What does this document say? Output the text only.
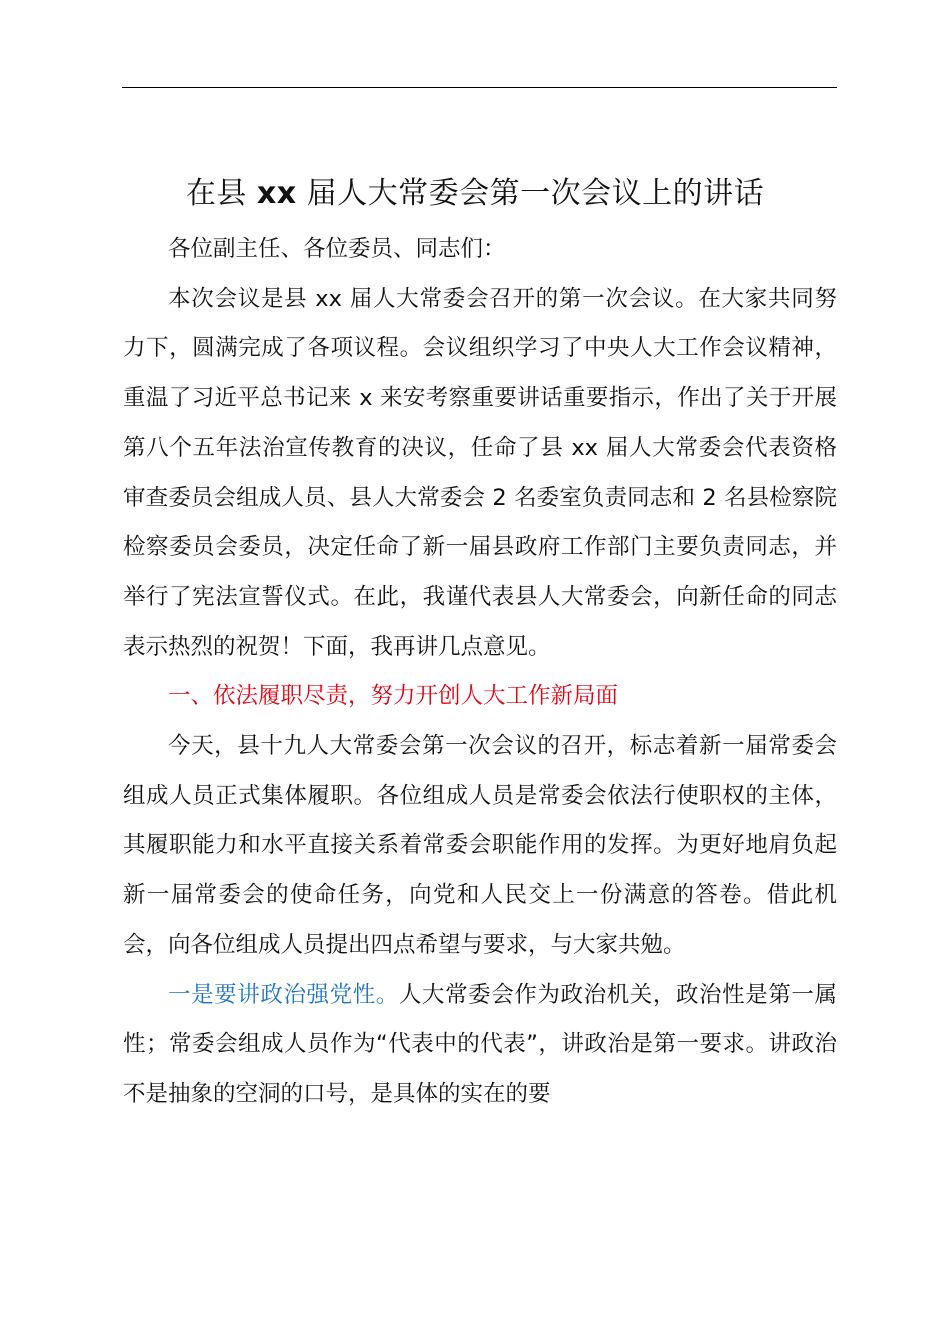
在县 xx 届人大常委会第一次会议上的讲话

各位副主任、各位委员、同志们：

本次会议是县 xx 届人大常委会召开的第一次会议。在大家共同努力下，圆满完成了各项议程。会议组织学习了中央人大工作会议精神，重温了习近平总书记来 x 来安考察重要讲话重要指示，作出了关于开展第八个五年法治宣传教育的决议，任命了县 xx 届人大常委会代表资格审查委员会组成人员、县人大常委会 2 名委室负责同志和 2 名县检察院检察委员会委员，决定任命了新一届县政府工作部门主要负责同志，并举行了宪法宣誓仪式。在此，我谨代表县人大常委会，向新任命的同志表示热烈的祝贺！下面，我再讲几点意见。

一、依法履职尽责，努力开创人大工作新局面

今天，县十九人大常委会第一次会议的召开，标志着新一届常委会组成人员正式集体履职。各位组成人员是常委会依法行使职权的主体，其履职能力和水平直接关系着常委会职能作用的发挥。为更好地肩负起新一届常委会的使命任务，向党和人民交上一份满意的答卷。借此机会，向各位组成人员提出四点希望与要求，与大家共勉。

一是要讲政治强党性。人大常委会作为政治机关，政治性是第一属性；常委会组成人员作为“代表中的代表”，讲政治是第一要求。讲政治不是抽象的空洞的口号，是具体的实在的要
